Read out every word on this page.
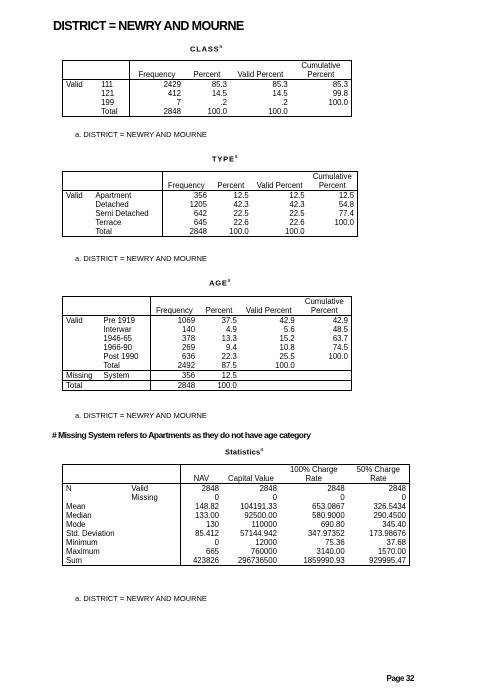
DISTRICT = NEWRY AND MOURNE
CLASS$^a$
		Frequency	Percent	Valid Percent	Cumulative Percent
Valid	111	2429	85.3	85.3	85.3
	121	412	14.5	14.5	99.8
	199	7	.2	.2	100.0
	Total	2848	100.0	100.0	
a. DISTRICT = NEWRY AND MOURNE
TYPE$^a$
		Frequency	Percent	Valid Percent	Cumulative Percent
Valid	Apartment	356	12.5	12.5	12.5
	Detached	1205	42.3	42.3	54.8
	Semi Detached	642	22.5	22.5	77.4
	Terrace	645	22.6	22.6	100.0
	Total	2848	100.0	100.0	
a. DISTRICT = NEWRY AND MOURNE
AGE$^a$
		Frequency	Percent	Valid Percent	Cumulative Percent
Valid	Pre 1919	1069	37.5	42.9	42.9
	Interwar	140	4.9	5.6	48.5
	1946-65	378	13.3	15.2	63.7
	1966-90	269	9.4	10.8	74.5
	Post 1990	636	22.3	25.5	100.0
	Total	2492	87.5	100.0	
Missing	System	356	12.5		
Total		2848	100.0		
a. DISTRICT = NEWRY AND MOURNE
# Missing System refers to Apartments as they do not have age category
Statistics$^a$
		NAV	Capital Value	100% Charge Rate	50% Charge Rate
N	Valid	2848	2848	2848	2848
	Missing	0	0	0	0
Mean		148.82	104191.33	653.0867	326.5434
Median		133.00	92500.00	580.9000	290.4500
Mode		130	110000	690.80	345.40
Std. Deviation		85.412	57144.942	347.97352	173.98676
Minimum		0	12000	75.36	37.68
Maximum		665	760000	3140.00	1570.00
Sum		423826	296736500	1859990.93	929995.47
a. DISTRICT = NEWRY AND MOURNE
Page 32
